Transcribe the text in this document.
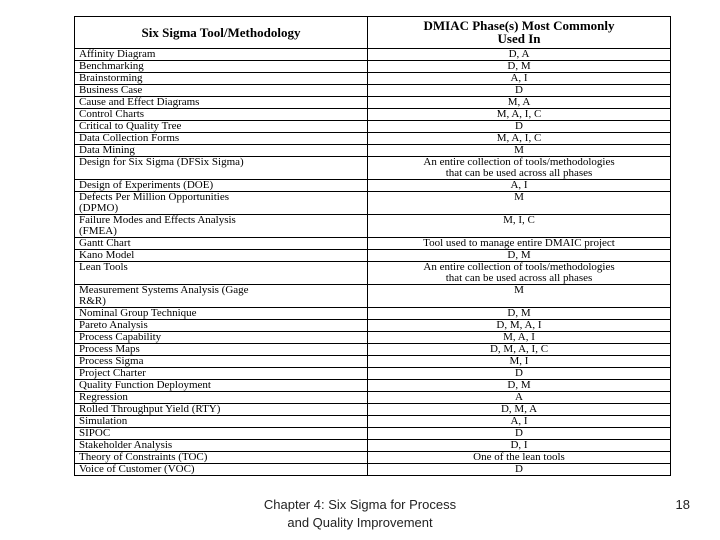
Six Sigma Tool/Methodology	DMIAC Phase(s) Most Commonly
Used In

Affinity Diagram	D, A

Benchmarking	D, M

Brainstorming	A, I

Business Case	D

Cause and Effect Diagrams	M, A

Control Charts	M, A, I, C

Critical to Quality Tree	D

Data Collection Forms	M, A, I, C

Data Mining	M

Design for Six Sigma (DFSix Sigma)	An entire collection of tools/methodologies
that can be used across all phases

Design of Experiments (DOE)	A, I

Defects Per Million Opportunities
(DPMO)	M

Failure Modes and Effects Analysis
(FMEA)	M, I, C

Gantt Chart	Tool used to manage entire DMAIC project

Kano Model	D, M

Lean Tools	An entire collection of tools/methodologies
that can be used across all phases

Measurement Systems Analysis (Gage
R&R)	M

Nominal Group Technique	D, M

Pareto Analysis	D, M, A, I

Process Capability	M, A, I

Process Maps	D, M, A, I, C

Process Sigma	M, I

Project Charter	D

Quality Function Deployment	D, M

Regression	A

Rolled Throughput Yield (RTY)	D, M, A

Simulation	A, I

SIPOC	D

Stakeholder Analysis	D, I

Theory of Constraints (TOC)	One of the lean tools

Voice of Customer (VOC)	D
Chapter 4: Six Sigma for Process
and Quality Improvement
18
